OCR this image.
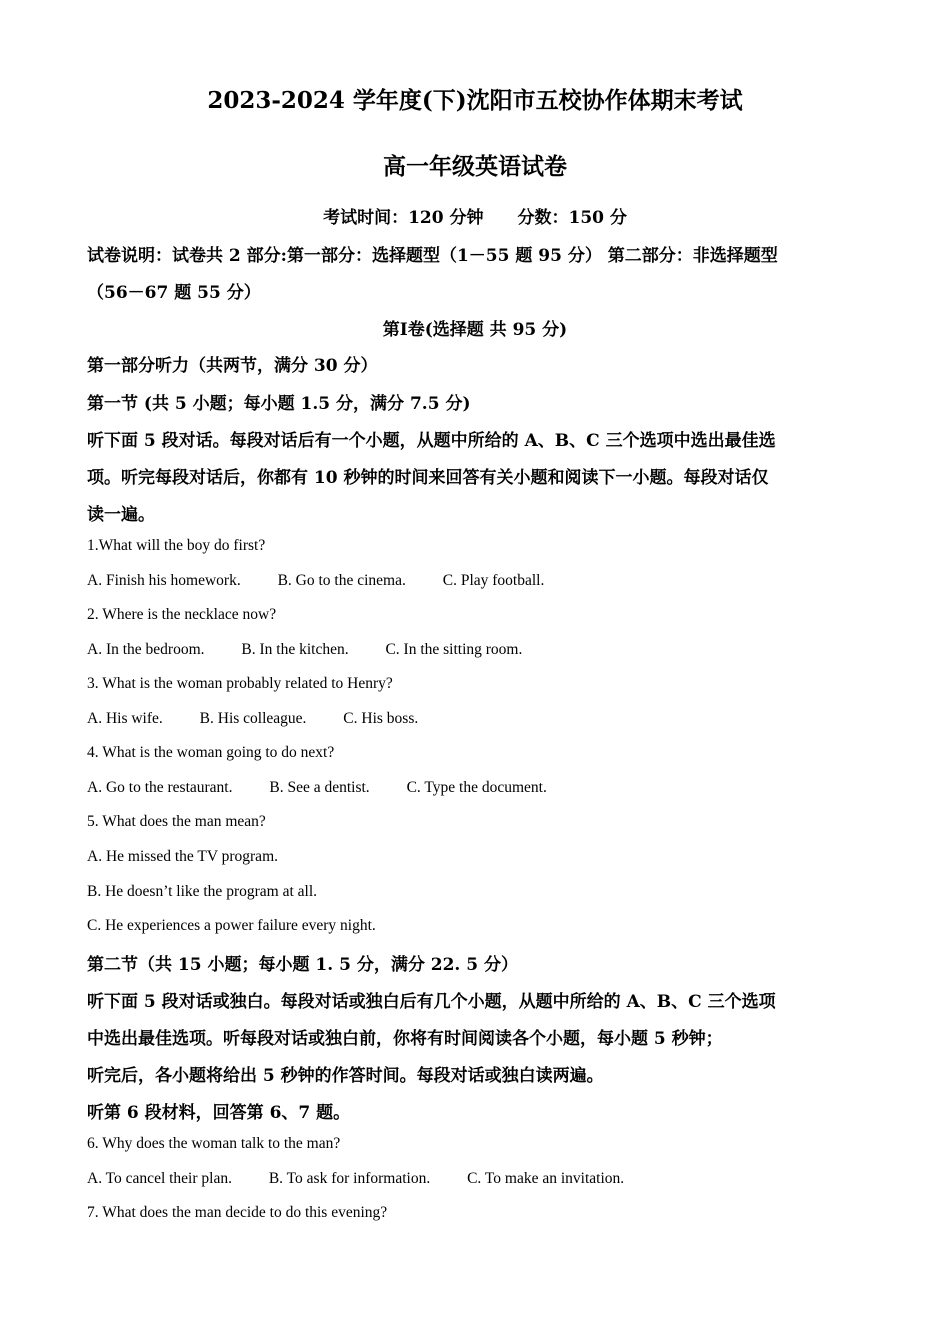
2023-2024 学年度(下)沈阳市五校协作体期末考试
高一年级英语试卷
考试时间：120 分钟　　分数：150 分
试卷说明：试卷共 2 部分:第一部分：选择题型（1－55 题 95 分） 第二部分：非选择题型
（56－67 题 55 分）
第Ⅰ卷(选择题 共 95 分)
第一部分听力（共两节，满分 30 分）
第一节 (共 5 小题；每小题 1.5 分，满分 7.5 分)
听下面 5 段对话。每段对话后有一个小题，从题中所给的 A、B、C 三个选项中选出最佳选
项。听完每段对话后，你都有 10 秒钟的时间来回答有关小题和阅读下一小题。每段对话仅
读一遍。
1.What will the boy do first?
A. Finish his homework. B. Go to the cinema. C. Play football.
2. Where is the necklace now?
A. In the bedroom. B. In the kitchen. C. In the sitting room.
3. What is the woman probably related to Henry?
A. His wife. B. His colleague. C. His boss.
4. What is the woman going to do next?
A. Go to the restaurant. B. See a dentist. C. Type the document.
5. What does the man mean?
A. He missed the TV program.
B. He doesn’t like the program at all.
C. He experiences a power failure every night.
第二节（共 15 小题；每小题 1. 5 分，满分 22. 5 分）
听下面 5 段对话或独白。每段对话或独白后有几个小题，从题中所给的 A、B、C 三个选项
中选出最佳选项。听每段对话或独白前，你将有时间阅读各个小题，每小题 5 秒钟；
听完后，各小题将给出 5 秒钟的作答时间。每段对话或独白读两遍。
听第 6 段材料，回答第 6、7 题。
6. Why does the woman talk to the man?
A. To cancel their plan. B. To ask for information. C. To make an invitation.
7. What does the man decide to do this evening?
